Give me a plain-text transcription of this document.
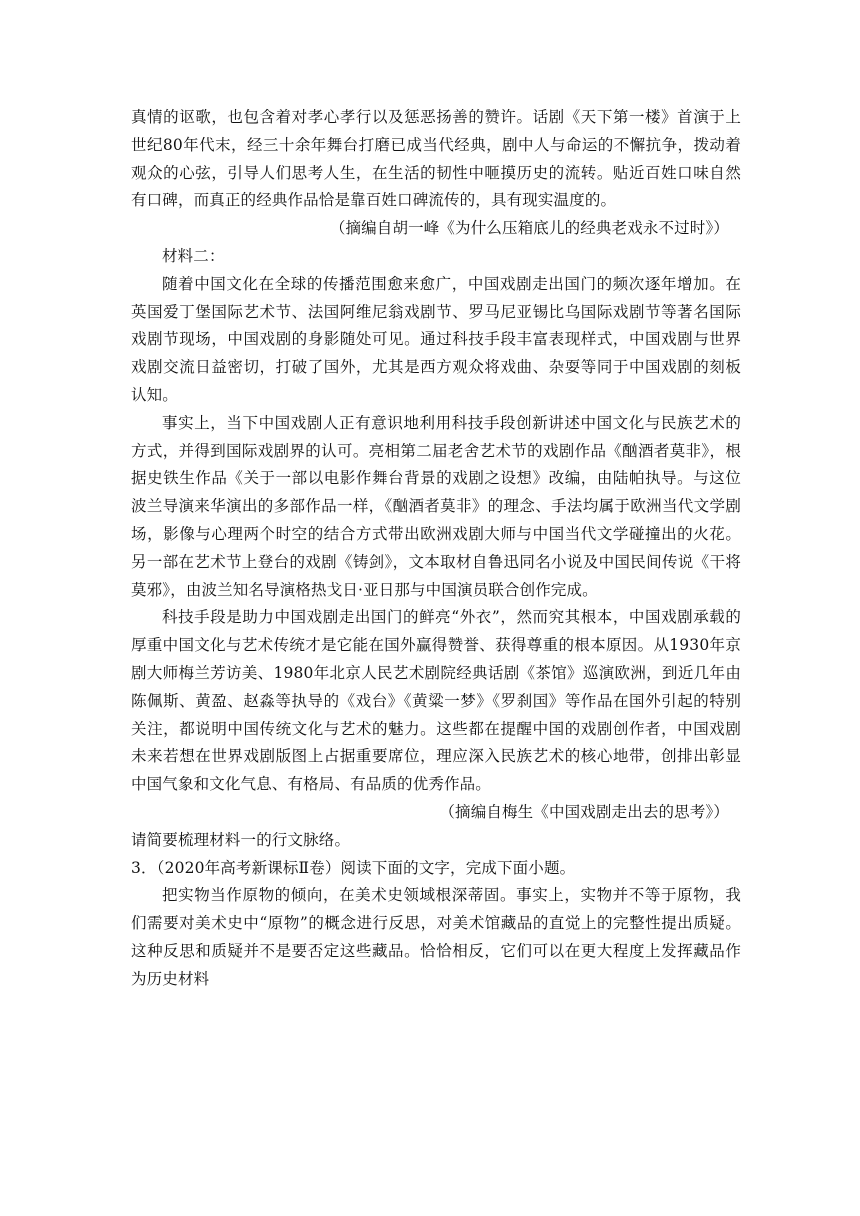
真情的讴歌，也包含着对孝心孝行以及惩恶扬善的赞许。话剧《天下第一楼》首演于上世纪80年代末，经三十余年舞台打磨已成当代经典，剧中人与命运的不懈抗争，拨动着观众的心弦，引导人们思考人生，在生活的韧性中咂摸历史的流转。贴近百姓口味自然有口碑，而真正的经典作品恰是靠百姓口碑流传的，具有现实温度的。

（摘编自胡一峰《为什么压箱底儿的经典老戏永不过时》）

材料二：

随着中国文化在全球的传播范围愈来愈广，中国戏剧走出国门的频次逐年增加。在英国爱丁堡国际艺术节、法国阿维尼翁戏剧节、罗马尼亚锡比乌国际戏剧节等著名国际戏剧节现场，中国戏剧的身影随处可见。通过科技手段丰富表现样式，中国戏剧与世界戏剧交流日益密切，打破了国外，尤其是西方观众将戏曲、杂耍等同于中国戏剧的刻板认知。

事实上，当下中国戏剧人正有意识地利用科技手段创新讲述中国文化与民族艺术的方式，并得到国际戏剧界的认可。亮相第二届老舍艺术节的戏剧作品《酗酒者莫非》，根据史铁生作品《关于一部以电影作舞台背景的戏剧之设想》改编，由陆帕执导。与这位波兰导演来华演出的多部作品一样，《酗酒者莫非》的理念、手法均属于欧洲当代文学剧场，影像与心理两个时空的结合方式带出欧洲戏剧大师与中国当代文学碰撞出的火花。另一部在艺术节上登台的戏剧《铸剑》，文本取材自鲁迅同名小说及中国民间传说《干将莫邪》，由波兰知名导演格热戈日·亚日那与中国演员联合创作完成。

科技手段是助力中国戏剧走出国门的鲜亮“外衣”，然而究其根本，中国戏剧承载的厚重中国文化与艺术传统才是它能在国外赢得赞誉、获得尊重的根本原因。从1930年京剧大师梅兰芳访美、1980年北京人民艺术剧院经典话剧《茶馆》巡演欧洲，到近几年由陈佩斯、黄盈、赵淼等执导的《戏台》《黄粱一梦》《罗刹国》等作品在国外引起的特别关注，都说明中国传统文化与艺术的魅力。这些都在提醒中国的戏剧创作者，中国戏剧未来若想在世界戏剧版图上占据重要席位，理应深入民族艺术的核心地带，创排出彰显中国气象和文化气息、有格局、有品质的优秀作品。

（摘编自梅生《中国戏剧走出去的思考》）

请简要梳理材料一的行文脉络。

3．（2020年高考新课标Ⅱ卷）阅读下面的文字，完成下面小题。

把实物当作原物的倾向，在美术史领域根深蒂固。事实上，实物并不等于原物，我们需要对美术史中“原物”的概念进行反思，对美术馆藏品的直觉上的完整性提出质疑。这种反思和质疑并不是要否定这些藏品。恰恰相反，它们可以在更大程度上发挥藏品作为历史材料
